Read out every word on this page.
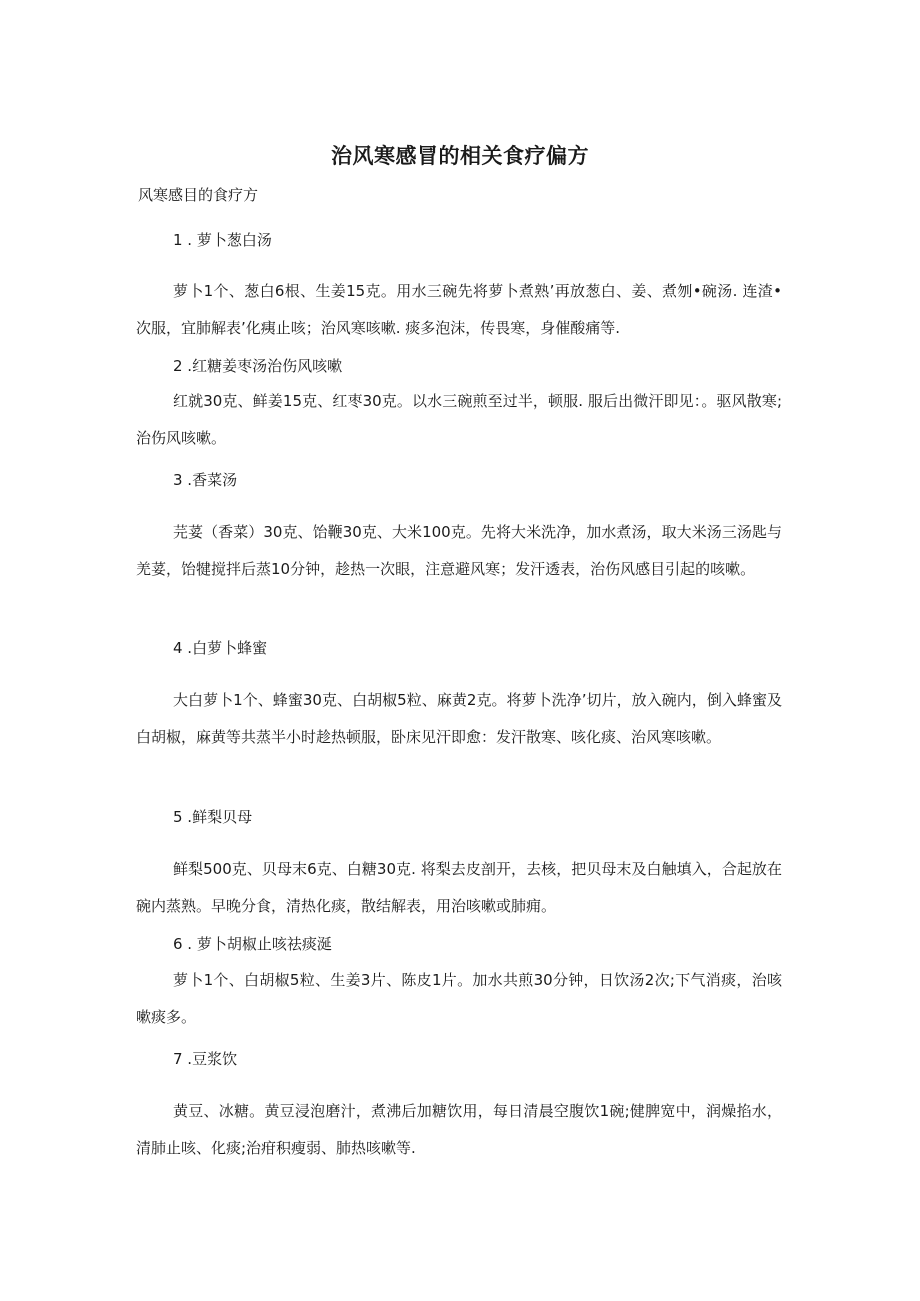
治风寒感冒的相关食疗偏方
风寒感目的食疗方
1 . 萝卜葱白汤
萝卜1个、葱白6根、生姜15克。用水三碗先将萝卜煮熟’再放葱白、姜、煮刎•碗汤. 连渣•次服，宜肺解表’化痍止咳；治风寒咳嗽. 痰多泡沫，传畏寒，身催酸痛等.
2 .红糖姜枣汤治伤风咳嗽
红就30克、鲜姜15克、红枣30克。以水三碗煎至过半，顿服. 服后出微汗即见：。驱风散寒;治伤风咳嗽。
3 .香菜汤
芫荽（香菜）30克、饴鞭30克、大米100克。先将大米洗净，加水煮汤，取大米汤三汤匙与羌荽，饴犍搅拌后蒸10分钟，趁热一次眼，注意避风寒；发汗透表，治伤风感目引起的咳嗽。
4 .白萝卜蜂蜜
大白萝卜1个、蜂蜜30克、白胡椒5粒、麻黄2克。将萝卜洗净’切片，放入碗内，倒入蜂蜜及白胡椒，麻黄等共蒸半小时趁热顿服，卧床见汗即愈：发汗散寒、咳化痰、治风寒咳嗽。
5 .鲜梨贝母
鲜梨500克、贝母末6克、白糖30克. 将梨去皮剖开，去核，把贝母末及白触填入，合起放在碗内蒸熟。早晚分食，清热化痰，散结解表，用治咳嗽或肺痈。
6 . 萝卜胡椒止咳祛痰涎
萝卜1个、白胡椒5粒、生姜3片、陈皮1片。加水共煎30分钟，日饮汤2次;下气消痰，治咳嗽痰多。
7 .豆浆饮
黄豆、冰糖。黄豆浸泡磨汁，煮沸后加糖饮用，每日清晨空腹饮1碗;健脾宽中，润燥掐水，清肺止咳、化痰;治疳积瘦弱、肺热咳嗽等.
